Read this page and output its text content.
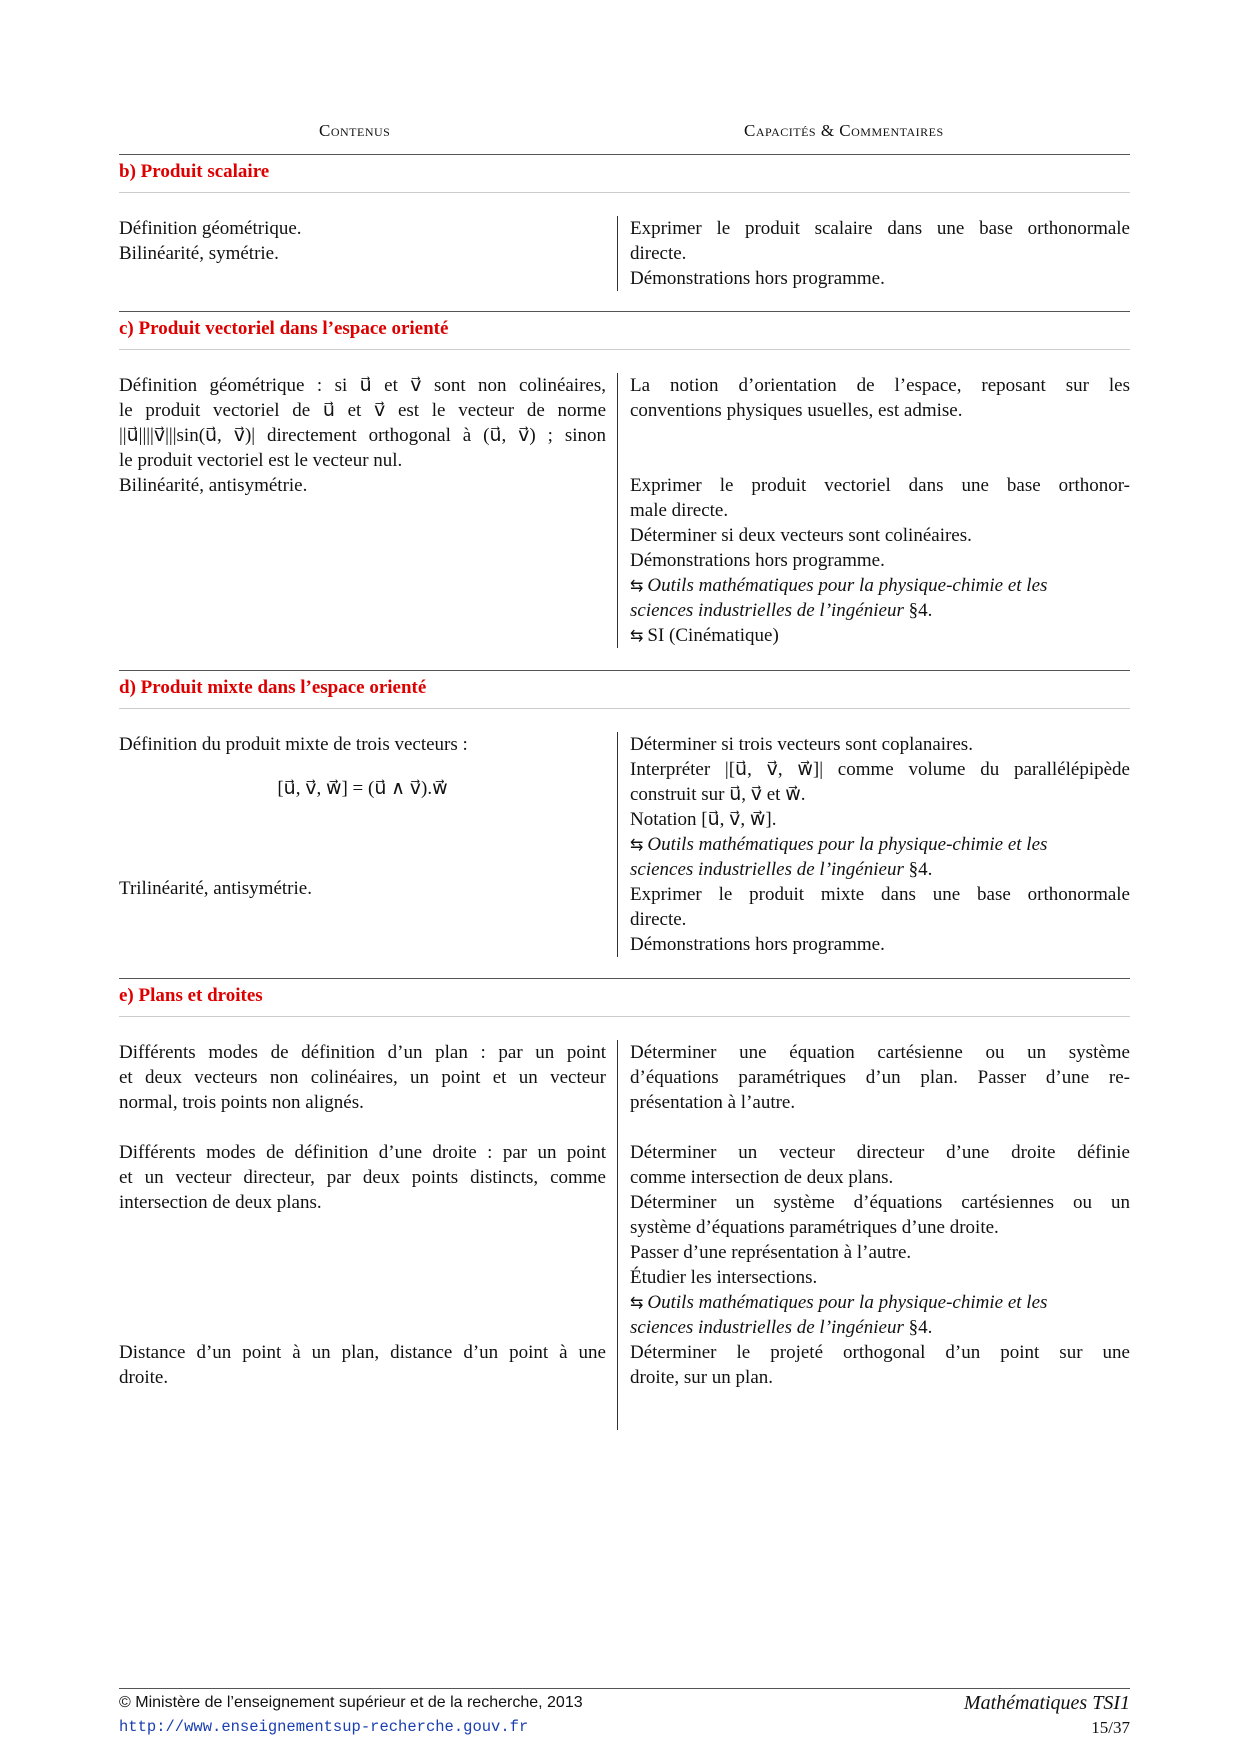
Contenus	Capacités & Commentaires
b) Produit scalaire
Définition géométrique.
Bilinéarité, symétrie.
Exprimer le produit scalaire dans une base orthonormale
directe.
Démonstrations hors programme.
c) Produit vectoriel dans l’espace orienté
Définition géométrique : si u⃗ et v⃗ sont non colinéaires,
le produit vectoriel de u⃗ et v⃗ est le vecteur de norme
||u⃗||||v⃗|||sin(u⃗, v⃗)| directement orthogonal à (u⃗, v⃗) ; sinon
le produit vectoriel est le vecteur nul.
Bilinéarité, antisymétrie.
La notion d’orientation de l’espace, reposant sur les
conventions physiques usuelles, est admise.
Exprimer le produit vectoriel dans une base orthonor-
male directe.
Déterminer si deux vecteurs sont colinéaires.
Démonstrations hors programme.
⇆ Outils mathématiques pour la physique-chimie et les
sciences industrielles de l’ingénieur §4.
⇆ SI (Cinématique)
d) Produit mixte dans l’espace orienté
Définition du produit mixte de trois vecteurs :
[u⃗, v⃗, w⃗] = (u⃗ ∧ v⃗).w⃗
Trilinéarité, antisymétrie.
Déterminer si trois vecteurs sont coplanaires.
Interpréter |[u⃗, v⃗, w⃗]| comme volume du parallélépipède
construit sur u⃗, v⃗ et w⃗.
Notation [u⃗, v⃗, w⃗].
⇆ Outils mathématiques pour la physique-chimie et les
sciences industrielles de l’ingénieur §4.
Exprimer le produit mixte dans une base orthonormale
directe.
Démonstrations hors programme.
e) Plans et droites
Différents modes de définition d’un plan : par un point
et deux vecteurs non colinéaires, un point et un vecteur
normal, trois points non alignés.
Différents modes de définition d’une droite : par un point
et un vecteur directeur, par deux points distincts, comme
intersection de deux plans.
Distance d’un point à un plan, distance d’un point à une
droite.
Déterminer une équation cartésienne ou un système
d’équations paramétriques d’un plan. Passer d’une re-
présentation à l’autre.
Déterminer un vecteur directeur d’une droite définie
comme intersection de deux plans.
Déterminer un système d’équations cartésiennes ou un
système d’équations paramétriques d’une droite.
Passer d’une représentation à l’autre.
Étudier les intersections.
⇆ Outils mathématiques pour la physique-chimie et les
sciences industrielles de l’ingénieur §4.
Déterminer le projeté orthogonal d’un point sur une
droite, sur un plan.
© Ministère de l’enseignement supérieur et de la recherche, 2013
http://www.enseignementsup-recherche.gouv.fr
Mathématiques TSI1
15/37
